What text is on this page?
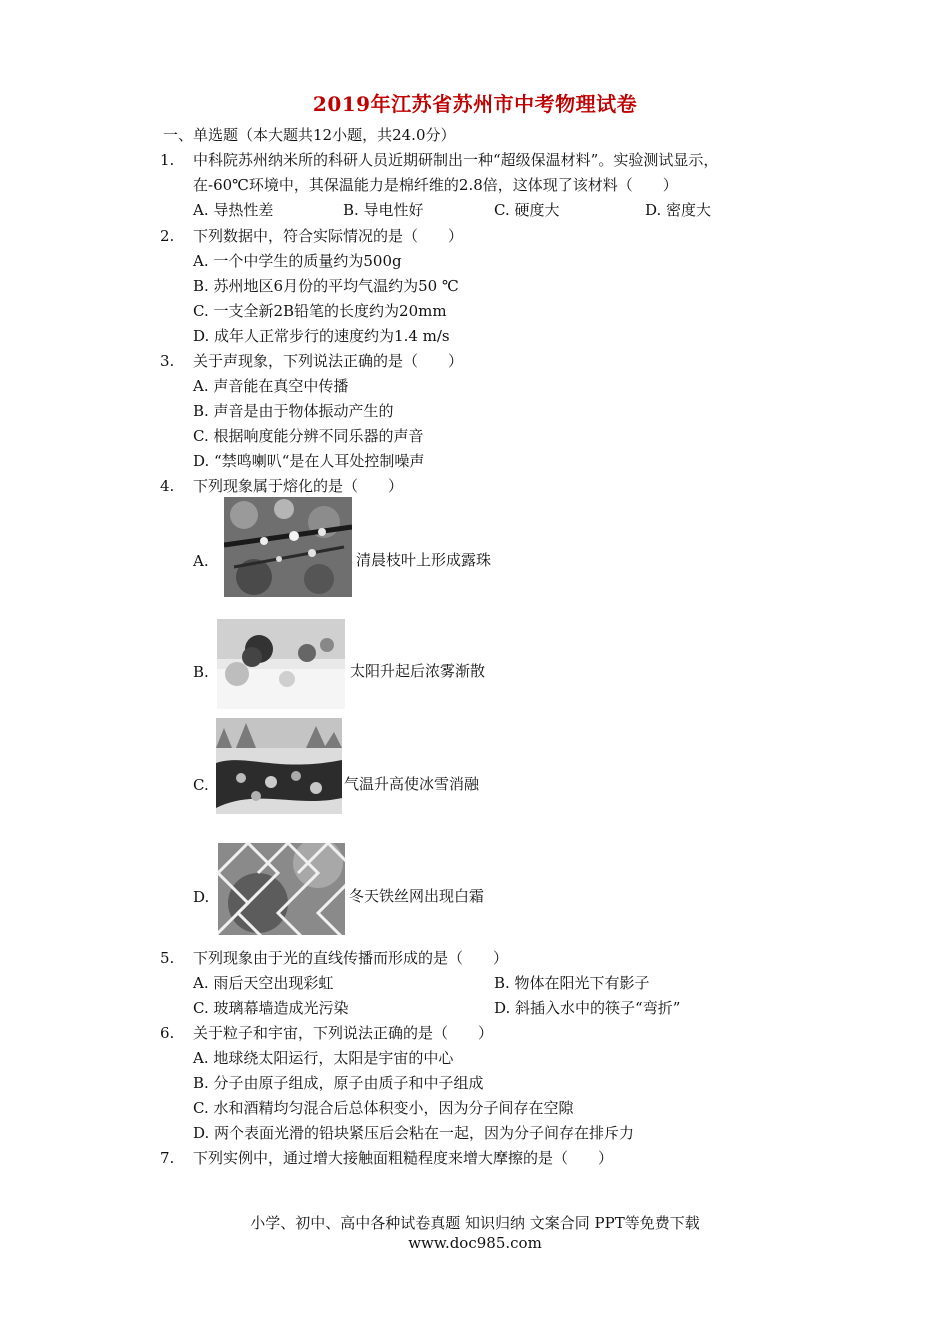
2019年江苏省苏州市中考物理试卷
一、单选题（本大题共12小题，共24.0分）
1. 中科院苏州纳米所的科研人员近期研制出一种“超级保温材料”。实验测试显示，
在-60℃环境中，其保温能力是棉纤维的2.8倍，这体现了该材料（　　）
A. 导热性差	B. 导电性好	C. 硬度大	D. 密度大
2. 下列数据中，符合实际情况的是（　　）
A. 一个中学生的质量约为500g
B. 苏州地区6月份的平均气温约为50 ℃
C. 一支全新2B铅笔的长度约为20mm
D. 成年人正常步行的速度约为1.4 m/s
3. 关于声现象，下列说法正确的是（　　）
A. 声音能在真空中传播
B. 声音是由于物体振动产生的
C. 根据响度能分辨不同乐器的声音
D. “禁鸣喇叭“是在人耳处控制噪声
4. 下列现象属于熔化的是（　　）
A.	清晨枝叶上形成露珠
B.	太阳升起后浓雾渐散
C.	气温升高使冰雪消融
D.	冬天铁丝网出现白霜
5. 下列现象由于光的直线传播而形成的是（　　）
A. 雨后天空出现彩虹	B. 物体在阳光下有影子
C. 玻璃幕墙造成光污染	D. 斜插入水中的筷子“弯折”
6. 关于粒子和宇宙，下列说法正确的是（　　）
A. 地球绕太阳运行，太阳是宇宙的中心
B. 分子由原子组成，原子由质子和中子组成
C. 水和酒精均匀混合后总体积变小，因为分子间存在空隙
D. 两个表面光滑的铅块紧压后会粘在一起，因为分子间存在排斥力
7. 下列实例中，通过增大接触面粗糙程度来增大摩擦的是（　　）
小学、初中、高中各种试卷真题 知识归纳 文案合同 PPT等免费下载
www.doc985.com
